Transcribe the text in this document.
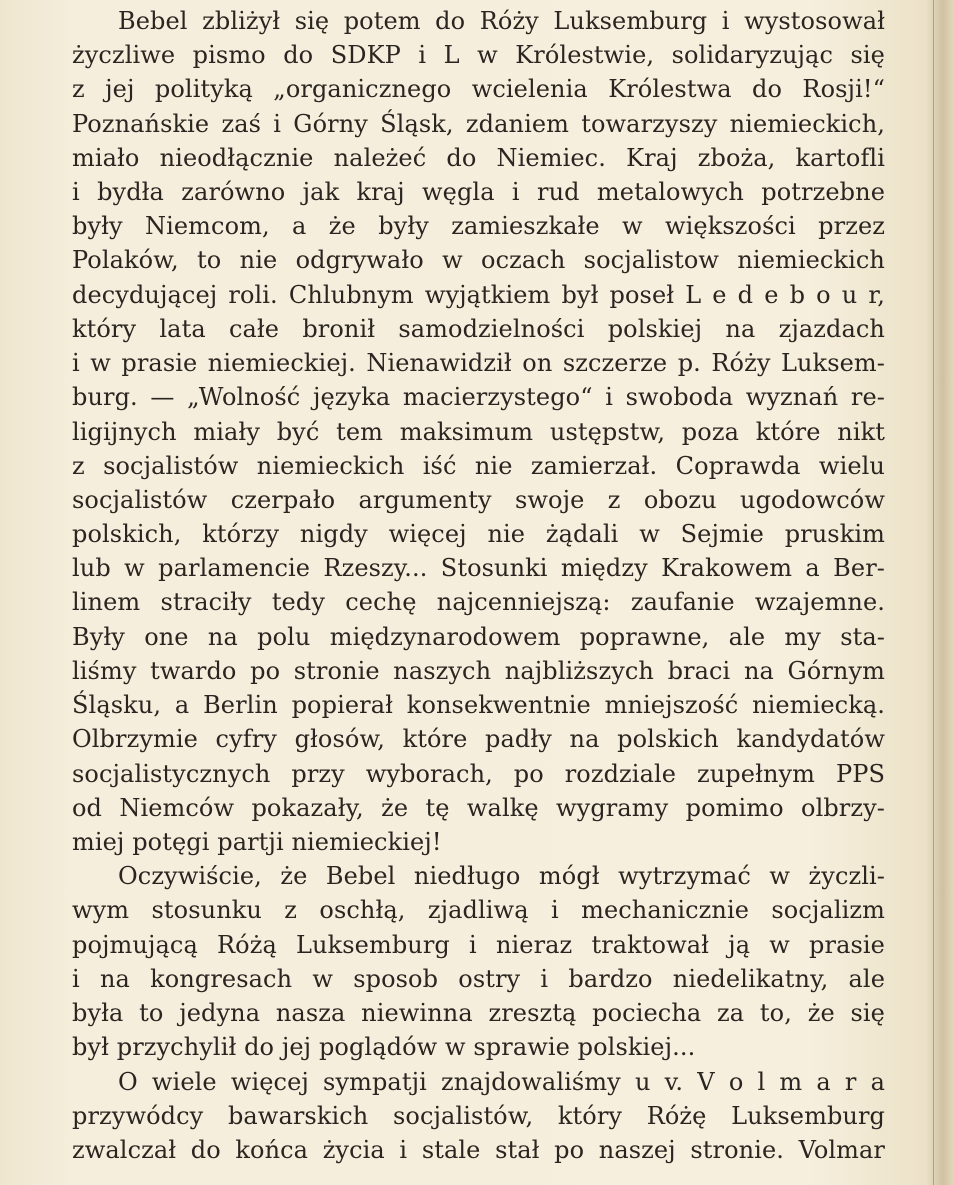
Bebel zbliżył się potem do Róży Luksemburg i wystosował
życzliwe pismo do SDKP i L w Królestwie, solidaryzując się
z jej polityką „organicznego wcielenia Królestwa do Rosji!“
Poznańskie zaś i Górny Śląsk, zdaniem towarzyszy niemieckich,
miało nieodłącznie należeć do Niemiec. Kraj zboża, kartofli
i bydła zarówno jak kraj węgla i rud metalowych potrzebne
były Niemcom, a że były zamieszkałe w większości przez
Polaków, to nie odgrywało w oczach socjalistow niemieckich
decydującej roli. Chlubnym wyjątkiem był poseł L e d e b o u r,
który lata całe bronił samodzielności polskiej na zjazdach
i w prasie niemieckiej. Nienawidził on szczerze p. Róży Luksem-
burg. — „Wolność języka macierzystego“ i swoboda wyznań re-
ligijnych miały być tem maksimum ustępstw, poza które nikt
z socjalistów niemieckich iść nie zamierzał. Coprawda wielu
socjalistów czerpało argumenty swoje z obozu ugodowców
polskich, którzy nigdy więcej nie żądali w Sejmie pruskim
lub w parlamencie Rzeszy... Stosunki między Krakowem a Ber-
linem straciły tedy cechę najcenniejszą: zaufanie wzajemne.
Były one na polu międzynarodowem poprawne, ale my sta-
liśmy twardo po stronie naszych najbliższych braci na Górnym
Śląsku, a Berlin popierał konsekwentnie mniejszość niemiecką.
Olbrzymie cyfry głosów, które padły na polskich kandydatów
socjalistycznych przy wyborach, po rozdziale zupełnym PPS
od Niemców pokazały, że tę walkę wygramy pomimo olbrzy-
miej potęgi partji niemieckiej!
Oczywiście, że Bebel niedługo mógł wytrzymać w życzli-
wym stosunku z oschłą, zjadliwą i mechanicznie socjalizm
pojmującą Różą Luksemburg i nieraz traktował ją w prasie
i na kongresach w sposob ostry i bardzo niedelikatny, ale
była to jedyna nasza niewinna zresztą pociecha za to, że się
był przychylił do jej poglądów w sprawie polskiej...
O wiele więcej sympatji znajdowaliśmy u v. V o l m a r a
przywódcy bawarskich socjalistów, który Różę Luksemburg
zwalczał do końca życia i stale stał po naszej stronie. Volmar
